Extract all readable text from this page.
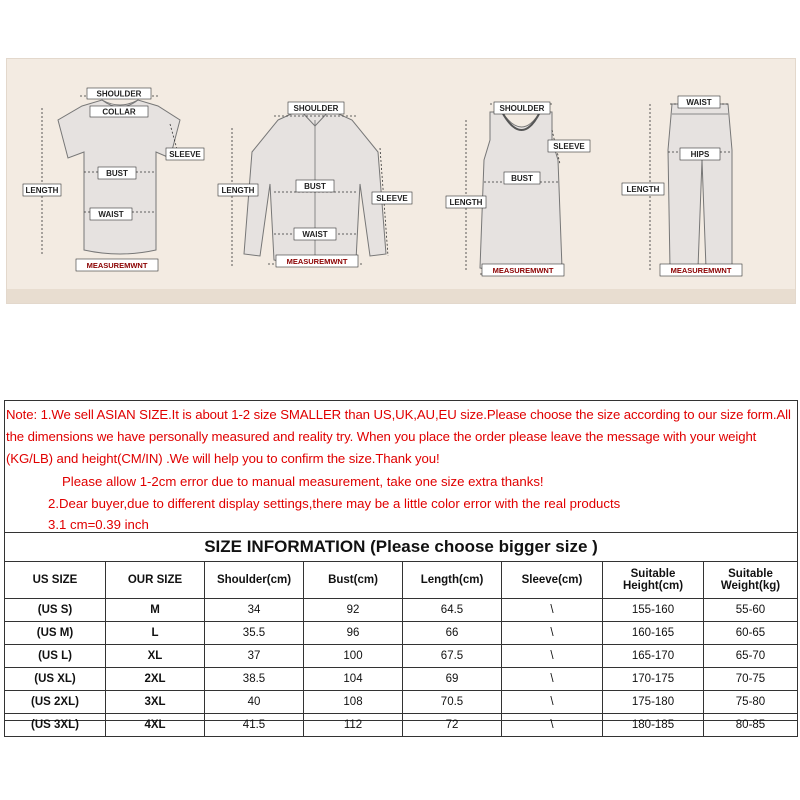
SHOULDER
COLLAR
SLEEVE
LENGTH
BUST
WAIST
MEASUREMWNT
SHOULDER
LENGTH	BUST
SLEEVE
WAIST
MEASUREMWNT
SHOULDER
SLEEVE
LENGTH
BUST
MEASUREMWNT
WAIST
HIPS
LENGTH
MEASUREMWNT
Note: 1.We sell ASIAN SIZE.It is about 1-2 size SMALLER than US,UK,AU,EU size.Please choose the size according to our size form.All the dimensions we have personally measured and reality try. When you place the order please leave the message with your weight (KG/LB) and height(CM/IN) .We will help you to confirm the size.Thank you!
Please allow 1-2cm error due to manual measurement, take one size extra thanks!
2.Dear buyer,due to different display settings,there may be a little color error with the real products
3.1 cm=0.39 inch
SIZE INFORMATION (Please choose bigger size )							
US SIZE	OUR SIZE	Shoulder(cm)	Bust(cm)	Length(cm)	Sleeve(cm)	Suitable Height(cm)	Suitable Weight(kg)
(US S)	M	34	92	64.5	\	155-160	55-60
(US M)	L	35.5	96	66	\	160-165	60-65
(US L)	XL	37	100	67.5	\	165-170	65-70
(US XL)	2XL	38.5	104	69	\	170-175	70-75
(US 2XL)	3XL	40	108	70.5	\	175-180	75-80
(US 3XL)	4XL	41.5	112	72	\	180-185	80-85
